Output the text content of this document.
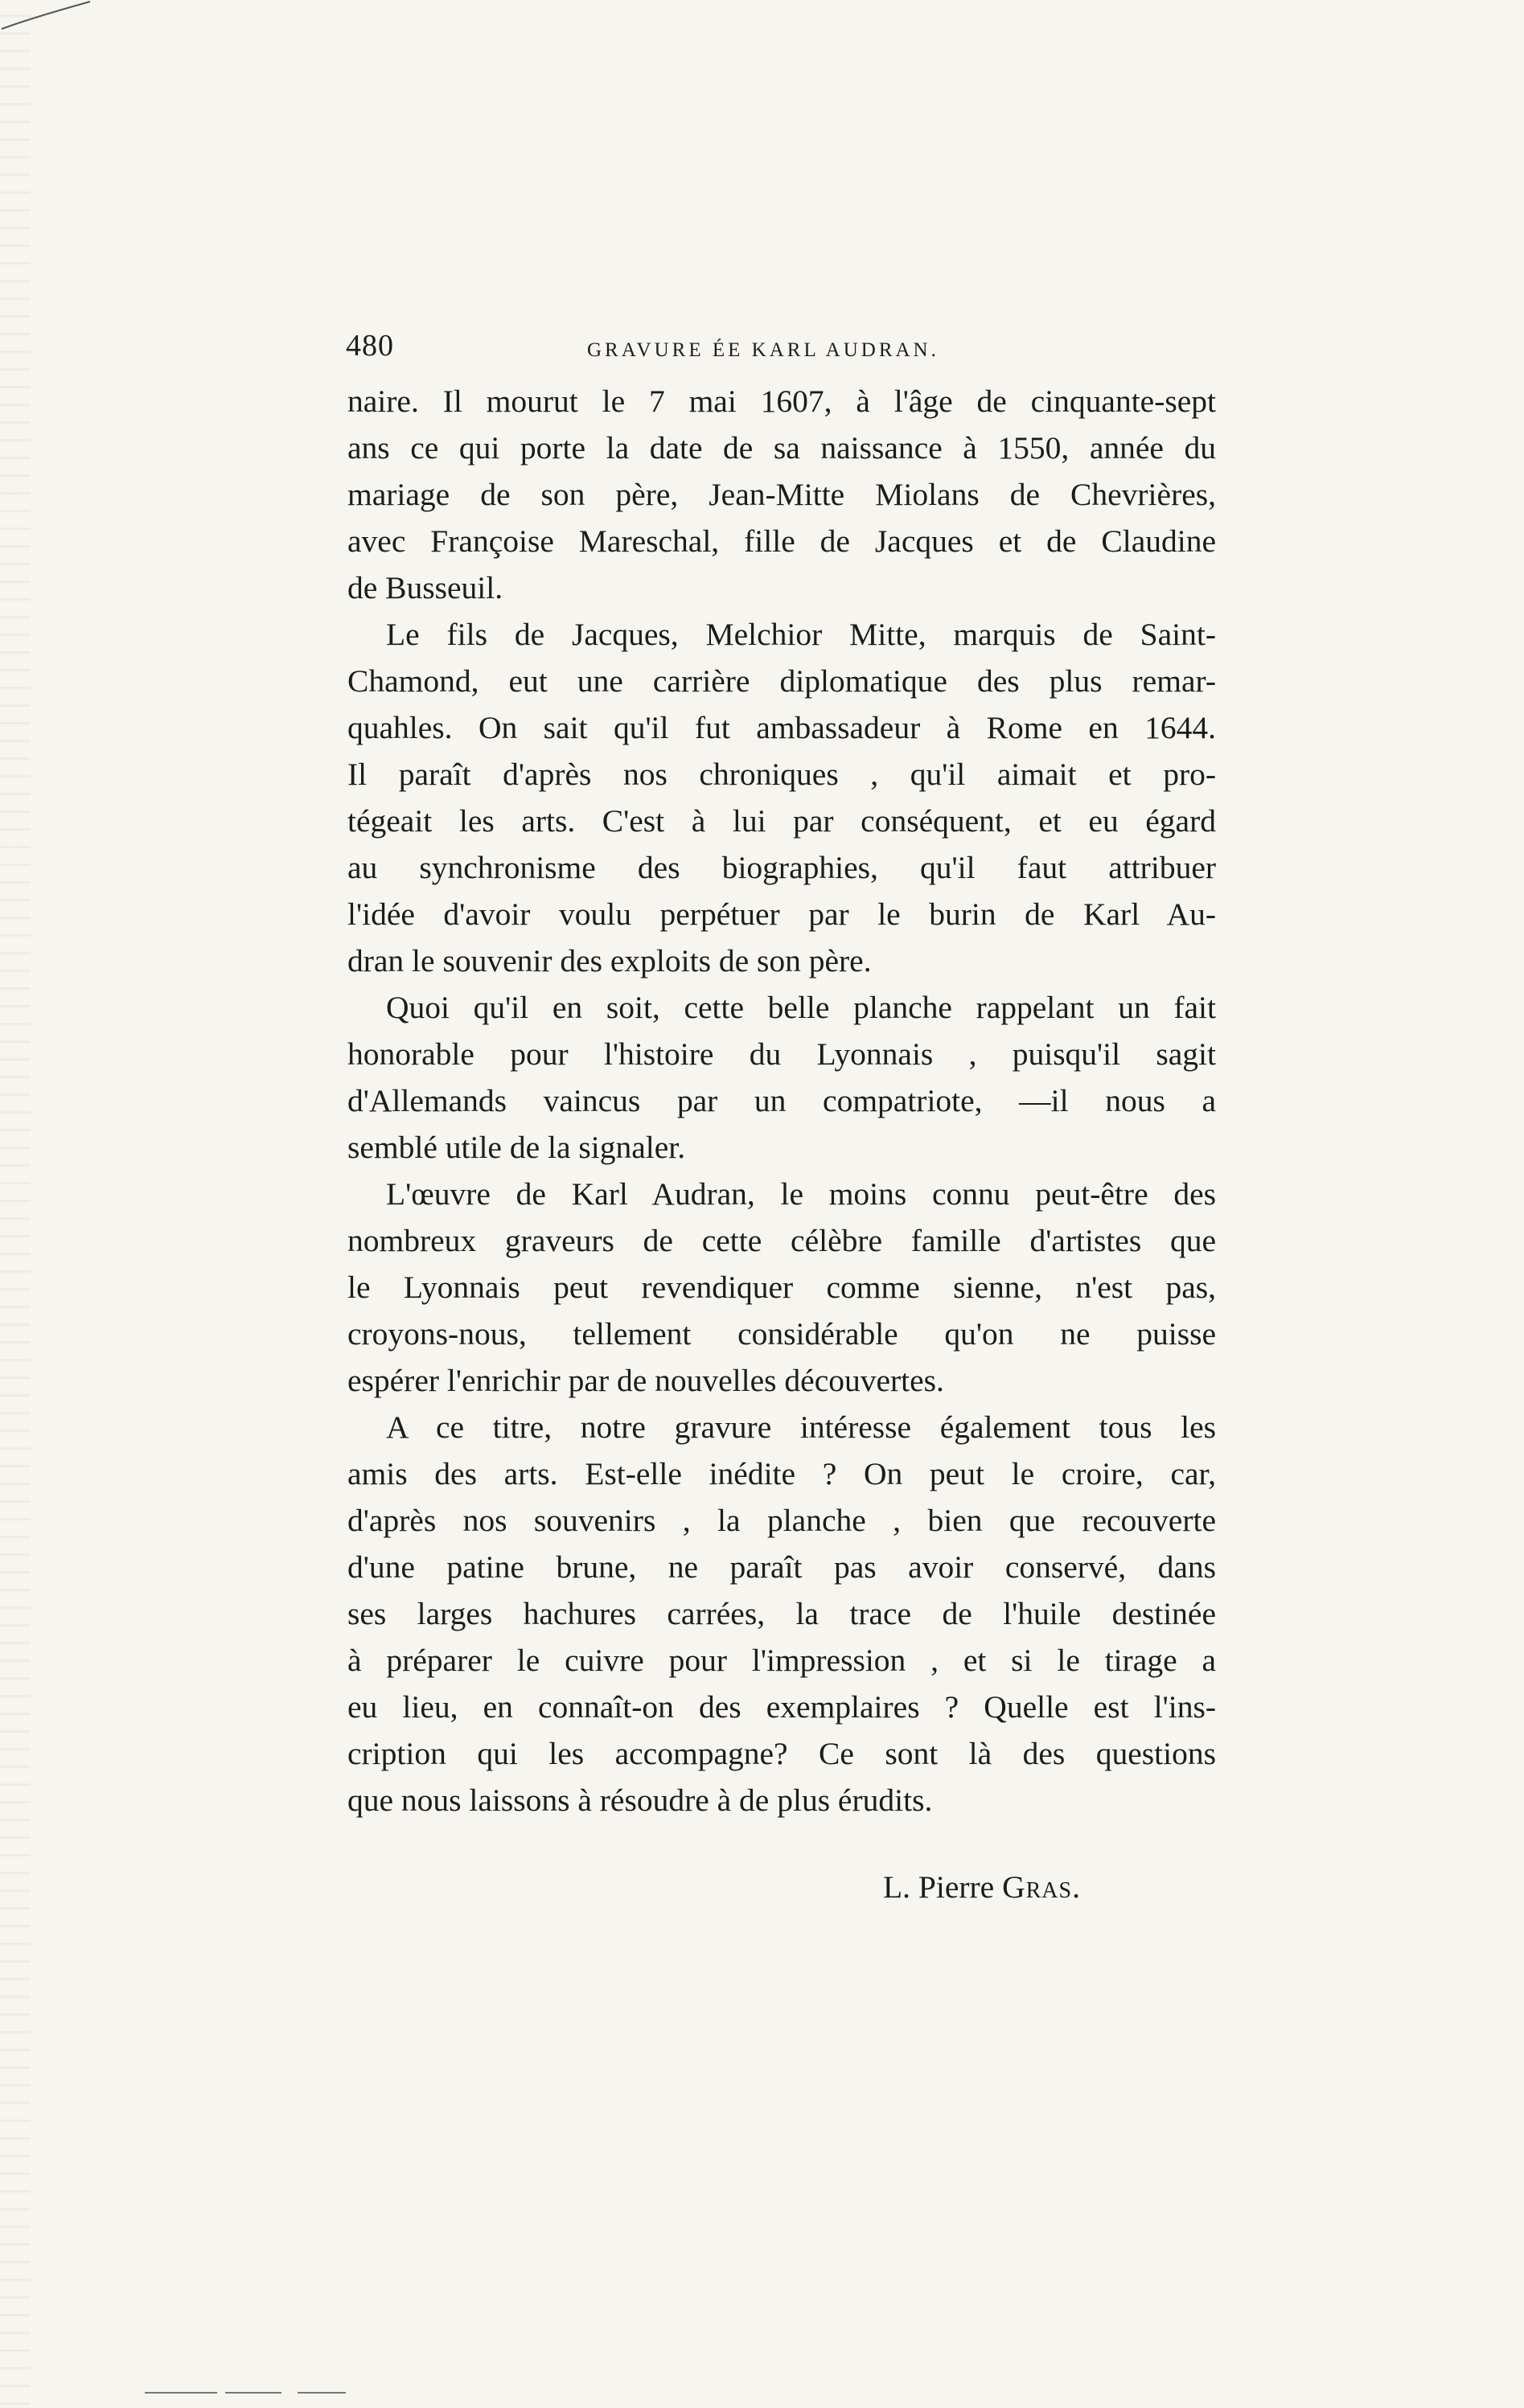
480	GRAVURE ÉE KARL AUDRAN.
naire. Il mourut le 7 mai 1607, à l'âge de cinquante-sept
ans ce qui porte la date de sa naissance à 1550, année du
mariage de son père, Jean-Mitte Miolans de Chevrières,
avec Françoise Mareschal, fille de Jacques et de Claudine
de Busseuil.
Le fils de Jacques, Melchior Mitte, marquis de Saint-
Chamond, eut une carrière diplomatique des plus remar-
quahles. On sait qu'il fut ambassadeur à Rome en 1644.
Il paraît d'après nos chroniques , qu'il aimait et pro-
tégeait les arts. C'est à lui par conséquent, et eu égard
au synchronisme des biographies, qu'il faut attribuer
l'idée d'avoir voulu perpétuer par le burin de Karl Au-
dran le souvenir des exploits de son père.
Quoi qu'il en soit, cette belle planche rappelant un fait
honorable pour l'histoire du Lyonnais , puisqu'il sagit
d'Allemands vaincus par un compatriote, —il nous a
semblé utile de la signaler.
L'œuvre de Karl Audran, le moins connu peut-être des
nombreux graveurs de cette célèbre famille d'artistes que
le Lyonnais peut revendiquer comme sienne, n'est pas,
croyons-nous, tellement considérable qu'on ne puisse
espérer l'enrichir par de nouvelles découvertes.
A ce titre, notre gravure intéresse également tous les
amis des arts. Est-elle inédite ? On peut le croire, car,
d'après nos souvenirs , la planche , bien que recouverte
d'une patine brune, ne paraît pas avoir conservé, dans
ses larges hachures carrées, la trace de l'huile destinée
à préparer le cuivre pour l'impression , et si le tirage a
eu lieu, en connaît-on des exemplaires ? Quelle est l'ins-
cription qui les accompagne? Ce sont là des questions
que nous laissons à résoudre à de plus érudits.
L. Pierre Gras.
